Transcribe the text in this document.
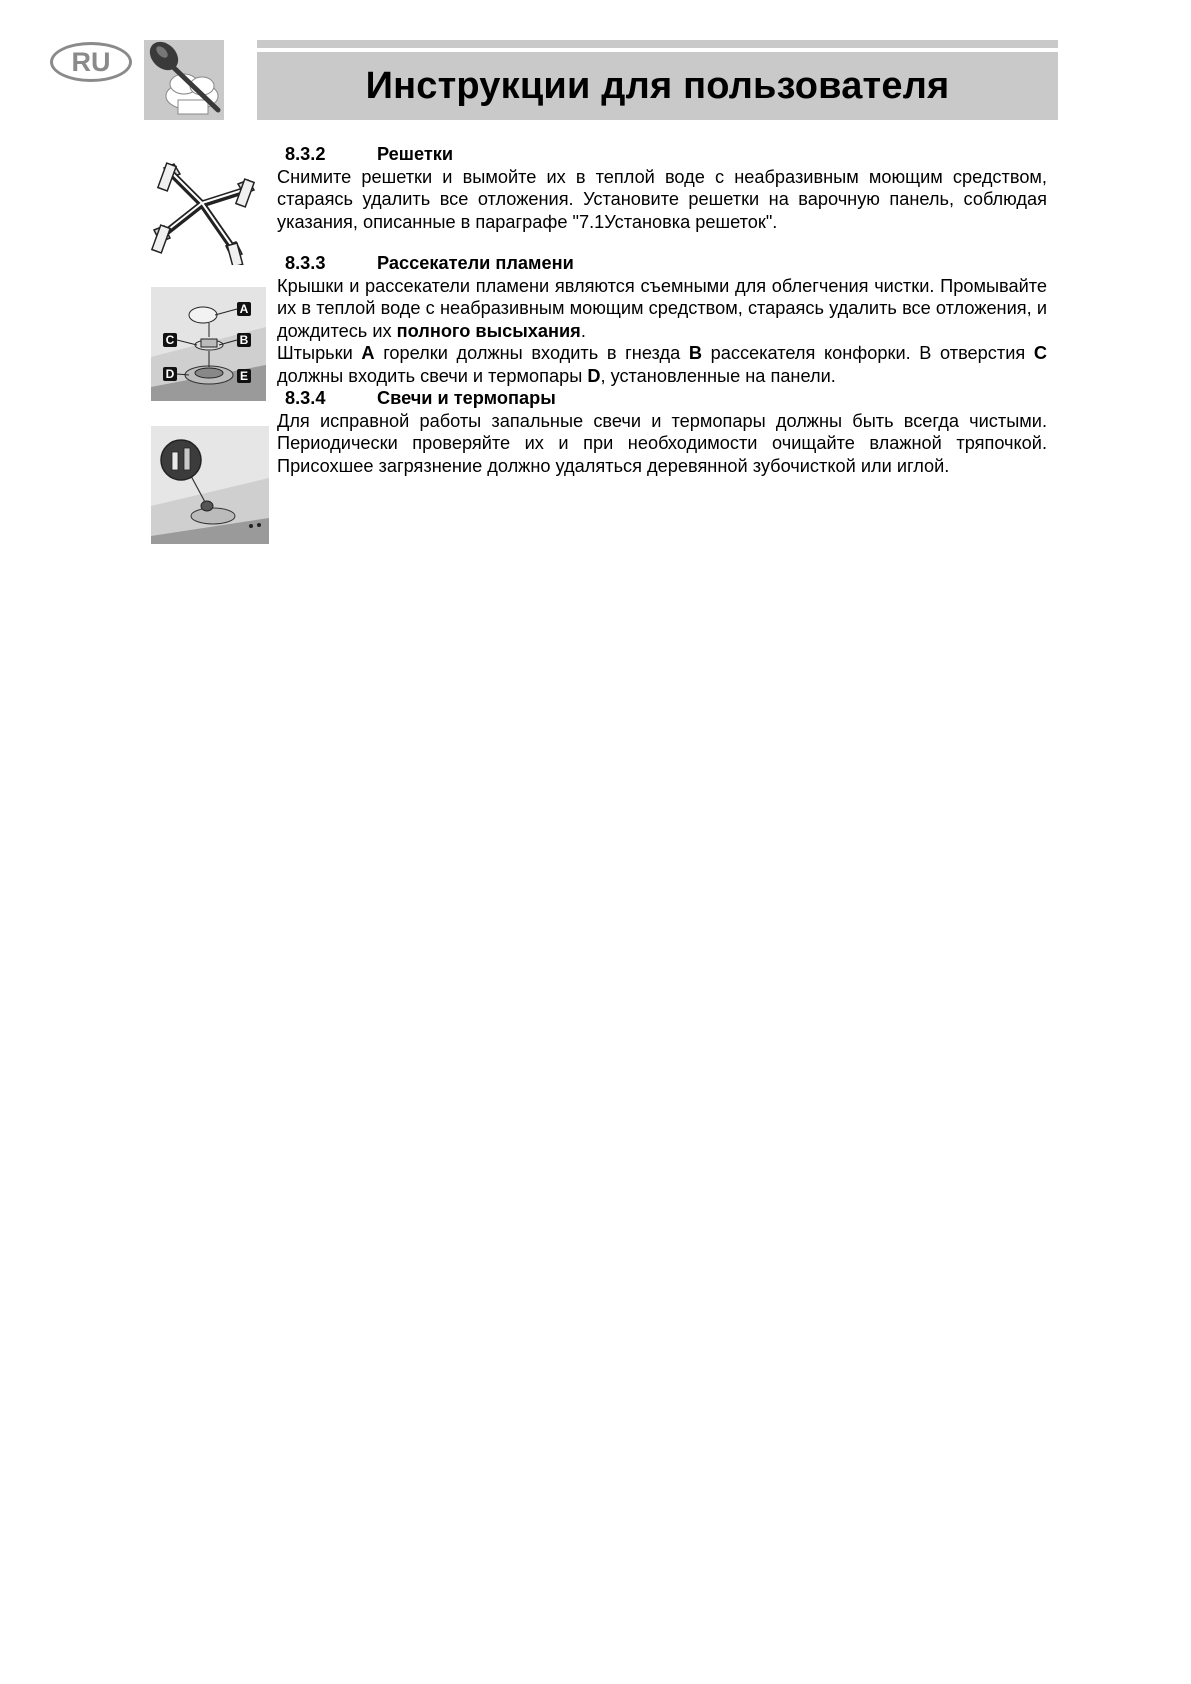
RU
Инструкции для пользователя
A
B
C
D	E
8.3.2	Решетки

Снимите решетки и вымойте их в теплой воде с неабразивным моющим средством, стараясь удалить все отложения. Установите решетки на варочную панель, соблюдая указания, описанные в параграфе "7.1Установка решеток".

8.3.3	Рассекатели пламени

Крышки и рассекатели пламени являются съемными для облегчения чистки. Промывайте их в теплой воде с неабразивным моющим средством, стараясь удалить все отложения, и дождитесь их полного высыхания.

Штырьки A горелки должны входить в гнезда B рассекателя конфорки. В отверстия C должны входить свечи и термопары D, установленные на панели.

8.3.4	Свечи и термопары

Для исправной работы запальные свечи и термопары должны быть всегда чистыми. Периодически проверяйте их и при необходимости очищайте влажной тряпочкой. Присохшее загрязнение должно удаляться деревянной зубочисткой или иглой.
